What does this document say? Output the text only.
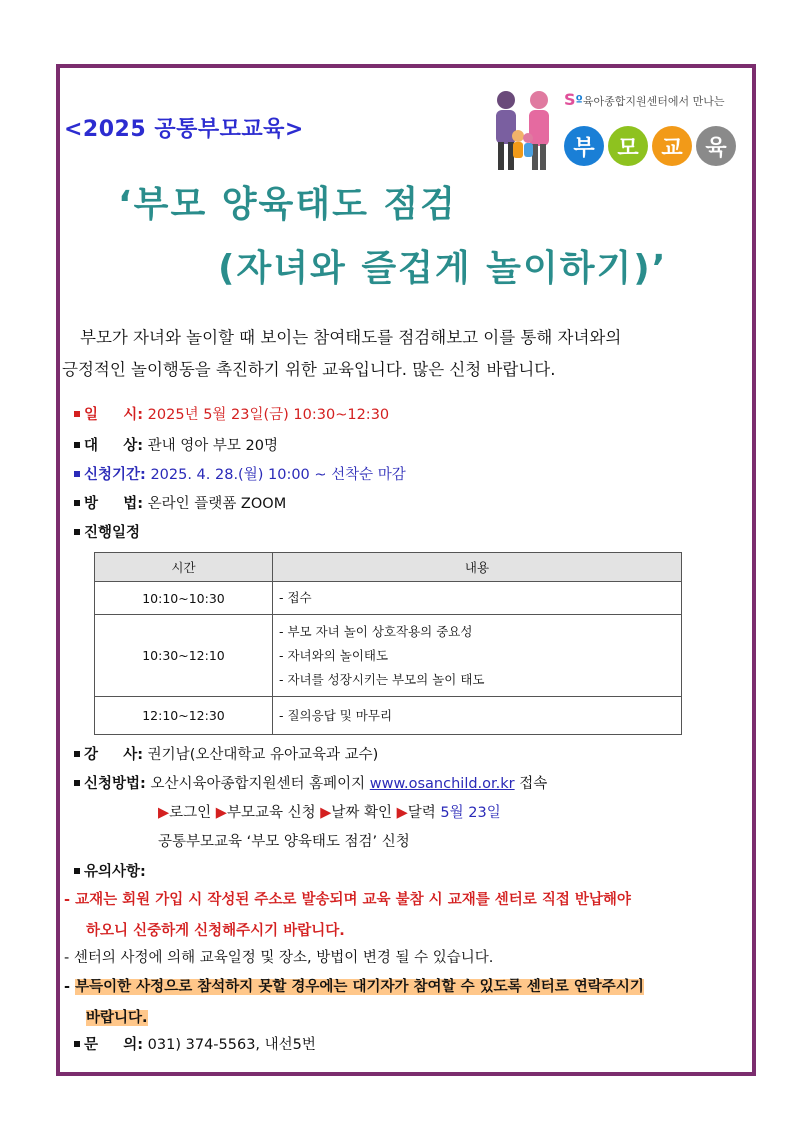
<2025 공통부모교육>
Sº육아종합지원센터에서 만나는
부	모	교	육
‘부모 양육태도 점검
(자녀와 즐겁게 놀이하기)’
부모가 자녀와 놀이할 때 보이는 참여태도를 점검해보고 이를 통해 자녀와의
긍정적인 놀이행동을 촉진하기 위한 교육입니다. 많은 신청 바랍니다.
일     시: 2025년 5월 23일(금) 10:30~12:30
대     상: 관내 영아 부모 20명
신청기간: 2025. 4. 28.(월) 10:00 ~ 선착순 마감
방     법: 온라인 플랫폼 ZOOM
진행일정
시간	내용
10:10~10:30	- 접수

10:30~12:10	- 부모 자녀 놀이 상호작용의 중요성
- 자녀와의 놀이태도
- 자녀를 성장시키는 부모의 놀이 태도

12:10~12:30	- 질의응답 및 마무리
강     사: 권기남(오산대학교 유아교육과 교수)
신청방법: 오산시육아종합지원센터 홈페이지 www.osanchild.or.kr 접속
▶로그인 ▶부모교육 신청 ▶날짜 확인 ▶달력 5월 23일
공통부모교육 ‘부모 양육태도 점검’ 신청
유의사항:
- 교재는 회원 가입 시 작성된 주소로 발송되며 교육 불참 시 교재를 센터로 직접 반납해야
하오니 신중하게 신청해주시기 바랍니다.
- 센터의 사정에 의해 교육일정 및 장소, 방법이 변경 될 수 있습니다.
- 부득이한 사정으로 참석하지 못할 경우에는 대기자가 참여할 수 있도록 센터로 연락주시기
바랍니다.
문     의: 031) 374-5563, 내선5번
